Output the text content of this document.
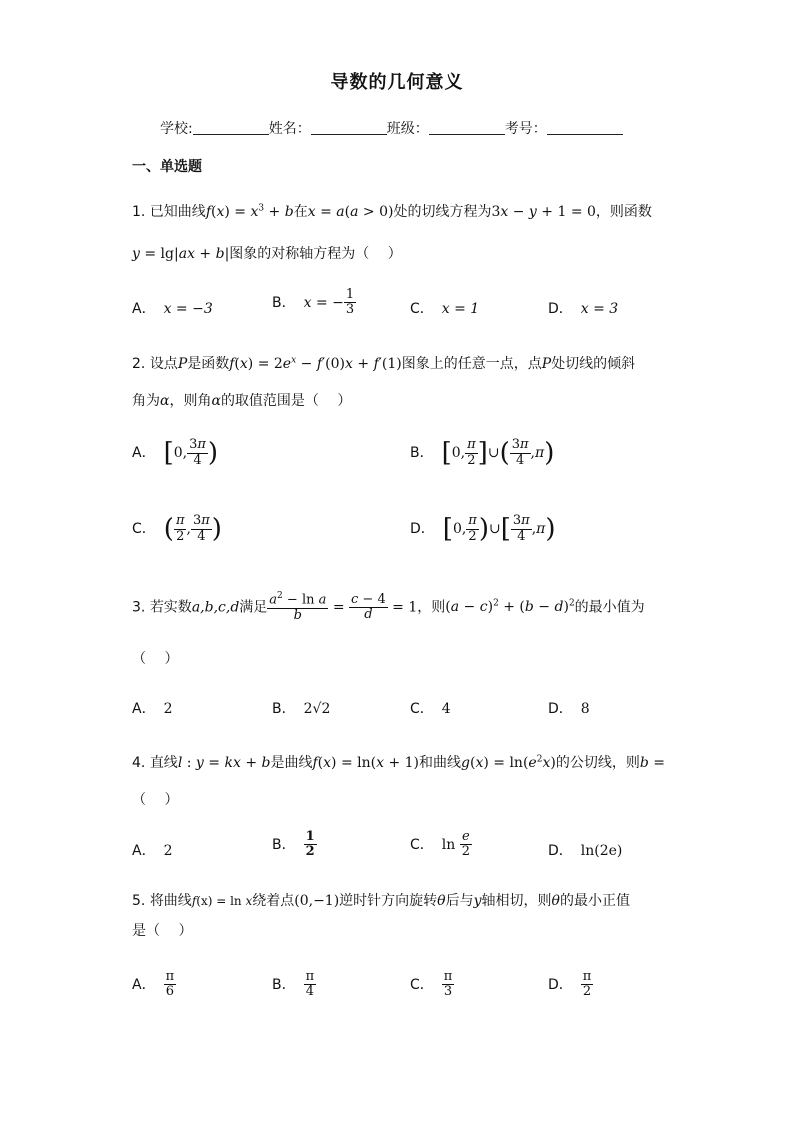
导数的几何意义
学校:	姓名：	班级：	考号：
一、单选题
1. 已知曲线$f(x) = x^3 + b$在x = a(a > 0)处的切线方程为3x − y + 1 = 0，则函数
y = lg|ax + b|图象的对称轴方程为（　 ）
A． x = −3	B． x = − $\frac{1}{3}$	C． x = 1	D． x = 3
2. 设点P是函数$f(x) = 2e^x - f'(0)x + f'(1)$图象上的任意一点，点P处切线的倾斜
角为α，则角α的取值范围是（　 ）
A． [0, $\frac{3\pi}{4}$ )	B． [0, $\frac{\pi}{2}$ ]∪( $\frac{3\pi}{4} ,\pi$)
C． ( $\frac{\pi}{2}$ , $\frac{3\pi}{4}$ )	D． [0, $\frac{\pi}{2}$ )∪[ $\frac{3\pi}{4} ,\pi$)
3. 若实数a,b,c,d满足 $\frac{a^2 - \ln a}{b} = \frac{c - 4}{d} = 1$，则$(a - c)^2 + (b - d)^2$的最小值为
（　 ）
A． 2	B． 2√2	C． 4	D． 8
4. 直线l : y = kx + b是曲线f(x) = ln(x + 1)和曲线$g(x) = \ln(e^2x)$的公切线，则b =
（　 ）
A． 2	B． $\frac{1}{2}$	C． $\ln \frac{e}{2}$	D． ln(2e)
5. 将曲线f(x) = ln x绕着点(0,−1)逆时针方向旋转θ后与y轴相切，则θ的最小正值
是（　 ）
A． $\frac{\pi}{6}$	B． $\frac{\pi}{4}$	C． $\frac{\pi}{3}$	D． $\frac{\pi}{2}$
